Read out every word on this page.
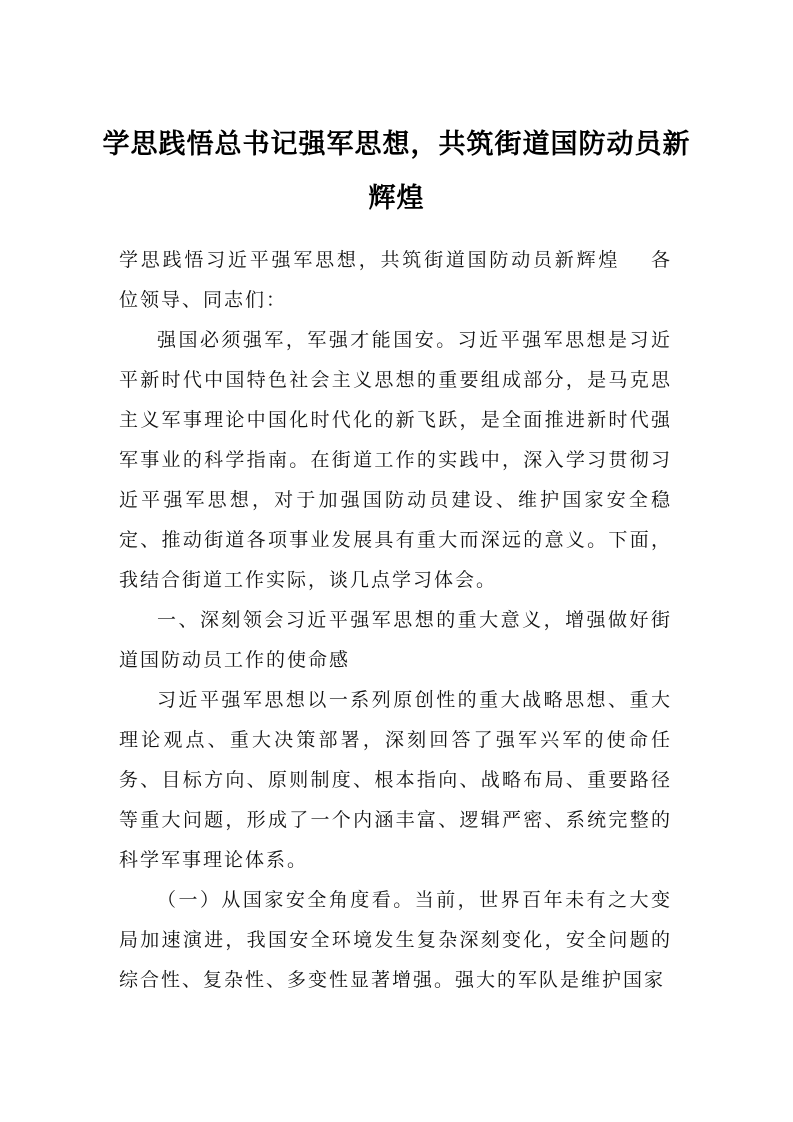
学思践悟总书记强军思想，共筑街道国防动员新辉煌

学思践悟习近平强军思想，共筑街道国防动员新辉煌 各位领导、同志们：

强国必须强军，军强才能国安。习近平强军思想是习近平新时代中国特色社会主义思想的重要组成部分，是马克思主义军事理论中国化时代化的新飞跃，是全面推进新时代强军事业的科学指南。在街道工作的实践中，深入学习贯彻习近平强军思想，对于加强国防动员建设、维护国家安全稳定、推动街道各项事业发展具有重大而深远的意义。下面，我结合街道工作实际，谈几点学习体会。

一、深刻领会习近平强军思想的重大意义，增强做好街道国防动员工作的使命感

习近平强军思想以一系列原创性的重大战略思想、重大理论观点、重大决策部署，深刻回答了强军兴军的使命任务、目标方向、原则制度、根本指向、战略布局、重要路径等重大问题，形成了一个内涵丰富、逻辑严密、系统完整的科学军事理论体系。

（一）从国家安全角度看。当前，世界百年未有之大变局加速演进，我国安全环境发生复杂深刻变化，安全问题的综合性、复杂性、多变性显著增强。强大的军队是维护国家
